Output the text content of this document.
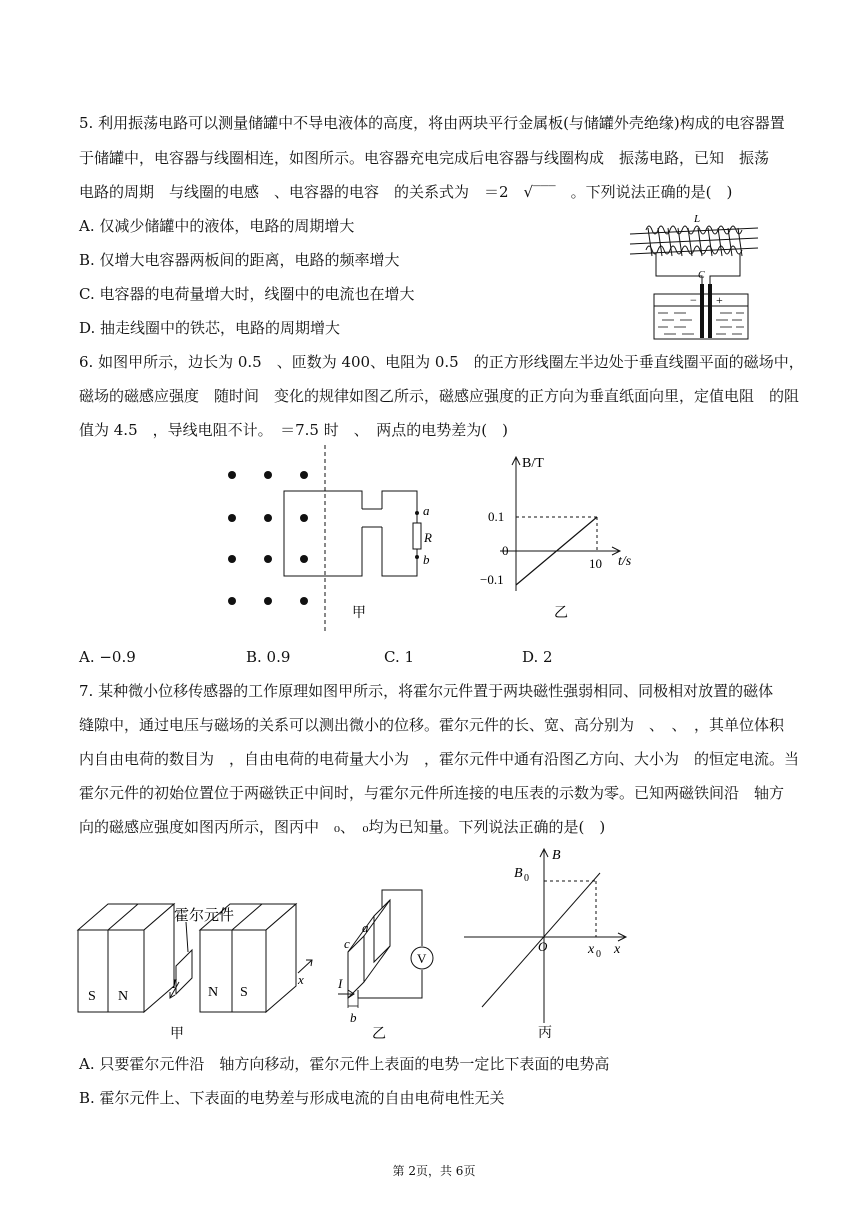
5. 利用振荡电路可以测量储罐中不导电液体的高度，将由两块平行金属板(与储罐外壳绝缘)构成的电容器置
于储罐中，电容器与线圈相连，如图所示。电容器充电完成后电容器与线圈构成　振荡电路，已知　振荡
电路的周期　与线圈的电感　、电容器的电容　的关系式为　＝2　√‾‾‾　。下列说法正确的是(　)
A. 仅减少储罐中的液体，电路的周期增大
B. 仅增大电容器两板间的距离，电路的频率增大
C. 电容器的电荷量增大时，线圈中的电流也在增大
D. 抽走线圈中的铁芯，电路的周期增大
L
C
− +
6. 如图甲所示，边长为 0.5　、匝数为 400、电阻为 0.5　的正方形线圈左半边处于垂直线圈平面的磁场中，
磁场的磁感应强度　随时间　变化的规律如图乙所示，磁感应强度的正方向为垂直纸面向里，定值电阻　的阻
值为 4.5　，导线电阻不计。　＝7.5 时　、　两点的电势差为(　)
a
R
b
甲
B/T
t/s
0.1
0
−0.1
10
乙
A. −0.9	B. 0.9	C. 1	D. 2
7. 某种微小位移传感器的工作原理如图甲所示，将霍尔元件置于两块磁性强弱相同、同极相对放置的磁体
缝隙中，通过电压与磁场的关系可以测出微小的位移。霍尔元件的长、宽、高分别为　、　、　，其单位体积
内自由电荷的数目为　，自由电荷的电荷量大小为　，霍尔元件中通有沿图乙方向、大小为　的恒定电流。当
霍尔元件的初始位置位于两磁铁正中间时，与霍尔元件所连接的电压表的示数为零。已知两磁铁间沿　轴方
向的磁感应强度如图丙所示，图丙中　₀、　₀均为已知量。下列说法正确的是(　)
霍尔元件
S N	N S
I	x
甲
a
c
I
b
V
乙
B
B 0
O	x 0 x
丙
A. 只要霍尔元件沿　轴方向移动，霍尔元件上表面的电势一定比下表面的电势高
B. 霍尔元件上、下表面的电势差与形成电流的自由电荷电性无关
第 2页，共 6页
